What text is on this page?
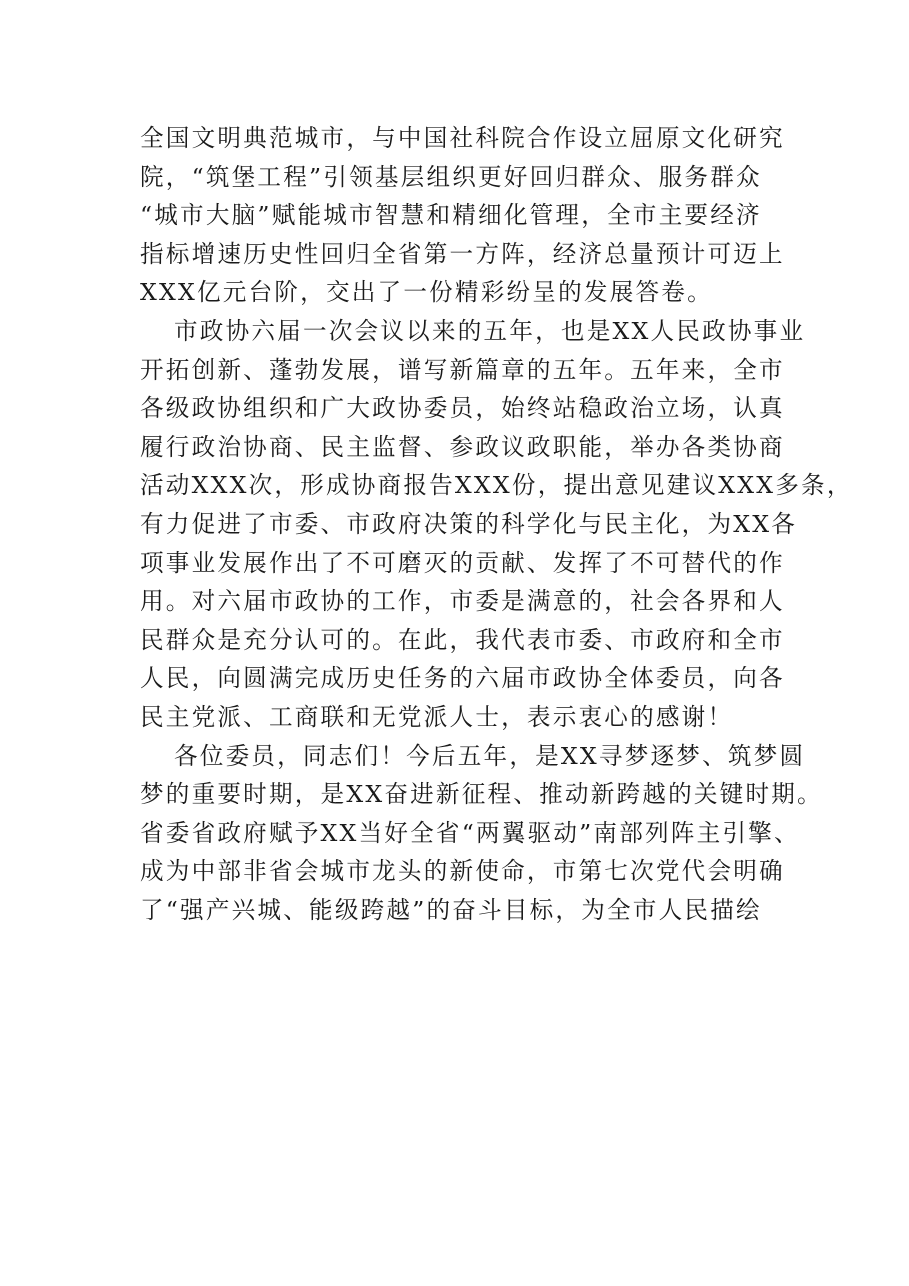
全国文明典范城市，与中国社科院合作设立屈原文化研究
院，“筑堡工程”引领基层组织更好回归群众、服务群众
“城市大脑”赋能城市智慧和精细化管理，全市主要经济
指标增速历史性回归全省第一方阵，经济总量预计可迈上
XXX亿元台阶，交出了一份精彩纷呈的发展答卷。
市政协六届一次会议以来的五年，也是XX人民政协事业
开拓创新、蓬勃发展，谱写新篇章的五年。五年来，全市
各级政协组织和广大政协委员，始终站稳政治立场，认真
履行政治协商、民主监督、参政议政职能，举办各类协商
活动XXX次，形成协商报告XXX份，提出意见建议XXX多条，
有力促进了市委、市政府决策的科学化与民主化，为XX各
项事业发展作出了不可磨灭的贡献、发挥了不可替代的作
用。对六届市政协的工作，市委是满意的，社会各界和人
民群众是充分认可的。在此，我代表市委、市政府和全市
人民，向圆满完成历史任务的六届市政协全体委员，向各
民主党派、工商联和无党派人士，表示衷心的感谢！
各位委员，同志们！今后五年，是XX寻梦逐梦、筑梦圆
梦的重要时期，是XX奋进新征程、推动新跨越的关键时期。
省委省政府赋予XX当好全省“两翼驱动”南部列阵主引擎、
成为中部非省会城市龙头的新使命，市第七次党代会明确
了“强产兴城、能级跨越”的奋斗目标，为全市人民描绘
